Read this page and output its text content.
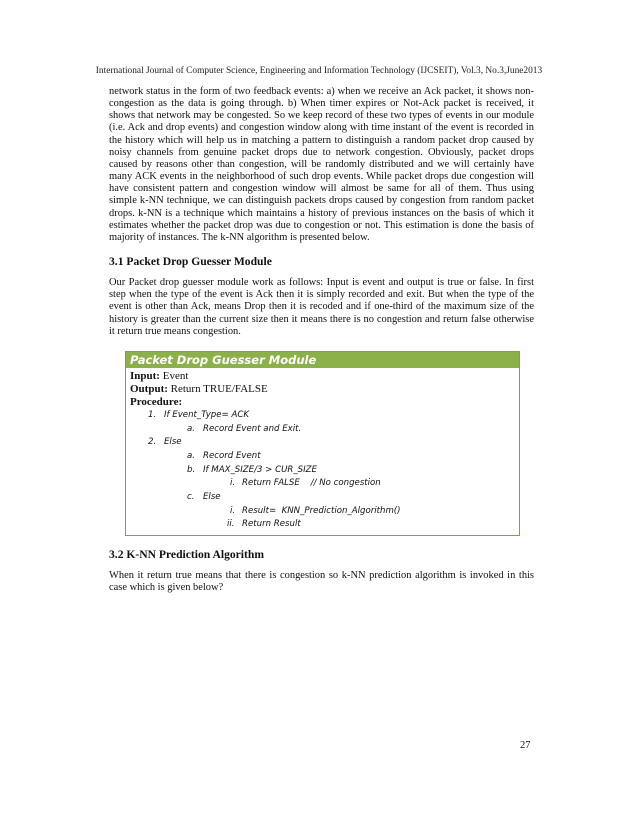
International Journal of Computer Science, Engineering and Information Technology (IJCSEIT), Vol.3, No.3,June2013

network status in the form of two feedback events: a) when we receive an Ack packet, it shows non- congestion as the data is going through. b) When timer expires or Not-Ack packet is received, it shows that network may be congested. So we keep record of these two types of events in our module (i.e. Ack and drop events) and congestion window along with time instant of the event is recorded in the history which will help us in matching a pattern to distinguish a random packet drop caused by noisy channels from genuine packet drops due to network congestion. Obviously, packet drops caused by reasons other than congestion, will be randomly distributed and we will certainly have many ACK events in the neighborhood of such drop events. While packet drops due congestion will have consistent pattern and congestion window will almost be same for all of them. Thus using simple k-NN technique, we can distinguish packets drops caused by congestion from random packet drops. k-NN is a technique which maintains a history of previous instances on the basis of which it estimates whether the packet drop was due to congestion or not. This estimation is done the basis of majority of instances. The k-NN algorithm is presented below.

3.1 Packet Drop Guesser Module

Our Packet drop guesser module work as follows: Input is event and output is true or false. In first step when the type of the event is Ack then it is simply recorded and exit. But when the type of the event is other than Ack, means Drop then it is recoded and if one-third of the maximum size of the history is greater than the current size then it means there is no congestion and return false otherwise it return true means congestion.

Packet Drop Guesser Module
Input: Event
Output: Return TRUE/FALSE
Procedure:
1. If Event_Type= ACK
a. Record Event and Exit.
2. Else
a. Record Event
b. If MAX_SIZE/3 > CUR_SIZE
i. Return FALSE    // No congestion
c. Else
i. Result=  KNN_Prediction_Algorithm()
ii. Return Result
3.2 K-NN Prediction Algorithm

When it return true means that there is congestion so k-NN prediction algorithm is invoked in this case which is given below?

27
